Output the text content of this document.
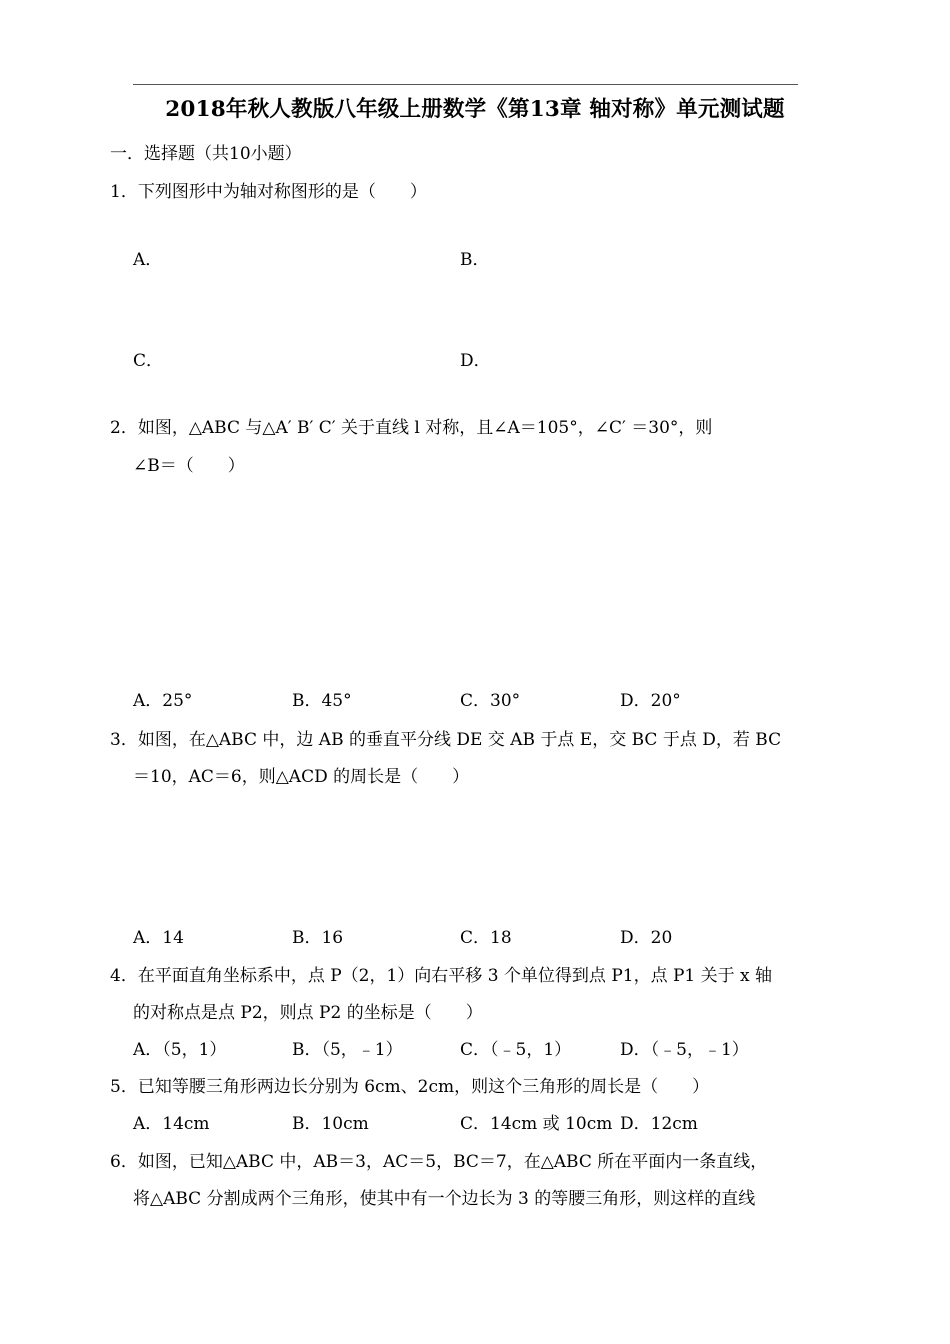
2018年秋人教版八年级上册数学《第13章 轴对称》单元测试题
一．选择题（共10小题）
1．下列图形中为轴对称图形的是（　　）
A．	B．
C．	D．
2．如图，△ABC 与△A′ B′ C′ 关于直线 l 对称，且∠A＝105°，∠C′ ＝30°，则
∠B＝（　　）
A．25°	B．45°	C．30°	D．20°
3．如图，在△ABC 中，边 AB 的垂直平分线 DE 交 AB 于点 E，交 BC 于点 D，若 BC
＝10，AC＝6，则△ACD 的周长是（　　）
A．14	B．16	C．18	D．20
4．在平面直角坐标系中，点 P（2，1）向右平移 3 个单位得到点 P1，点 P1 关于 x 轴
的对称点是点 P2，则点 P2 的坐标是（　　）
A．（5，1）	B．（5，﹣1）	C．（﹣5，1）	D．（﹣5，﹣1）
5．已知等腰三角形两边长分别为 6cm、2cm，则这个三角形的周长是（　　）
A．14cm	B．10cm	C．14cm 或 10cm D．12cm
6．如图，已知△ABC 中，AB＝3，AC＝5，BC＝7，在△ABC 所在平面内一条直线，
将△ABC 分割成两个三角形，使其中有一个边长为 3 的等腰三角形，则这样的直线
